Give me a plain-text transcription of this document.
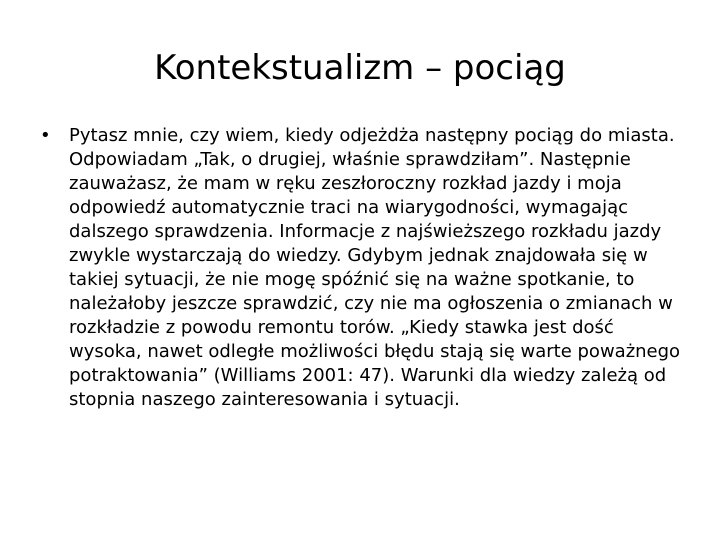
Kontekstualizm – pociąg
•	Pytasz mnie, czy wiem, kiedy odjeżdża następny pociąg do miasta. Odpowiadam „Tak, o drugiej, właśnie sprawdziłam”. Następnie zauważasz, że mam w ręku zeszłoroczny rozkład jazdy i moja odpowiedź automatycznie traci na wiarygodności, wymagając dalszego sprawdzenia. Informacje z najświeższego rozkładu jazdy zwykle wystarczają do wiedzy. Gdybym jednak znajdowała się w takiej sytuacji, że nie mogę spóźnić się na ważne spotkanie, to należałoby jeszcze sprawdzić, czy nie ma ogłoszenia o zmianach w rozkładzie z powodu remontu torów. „Kiedy stawka jest dość wysoka, nawet odległe możliwości błędu stają się warte poważnego potraktowania” (Williams 2001: 47). Warunki dla wiedzy zależą od stopnia naszego zainteresowania i sytuacji.
